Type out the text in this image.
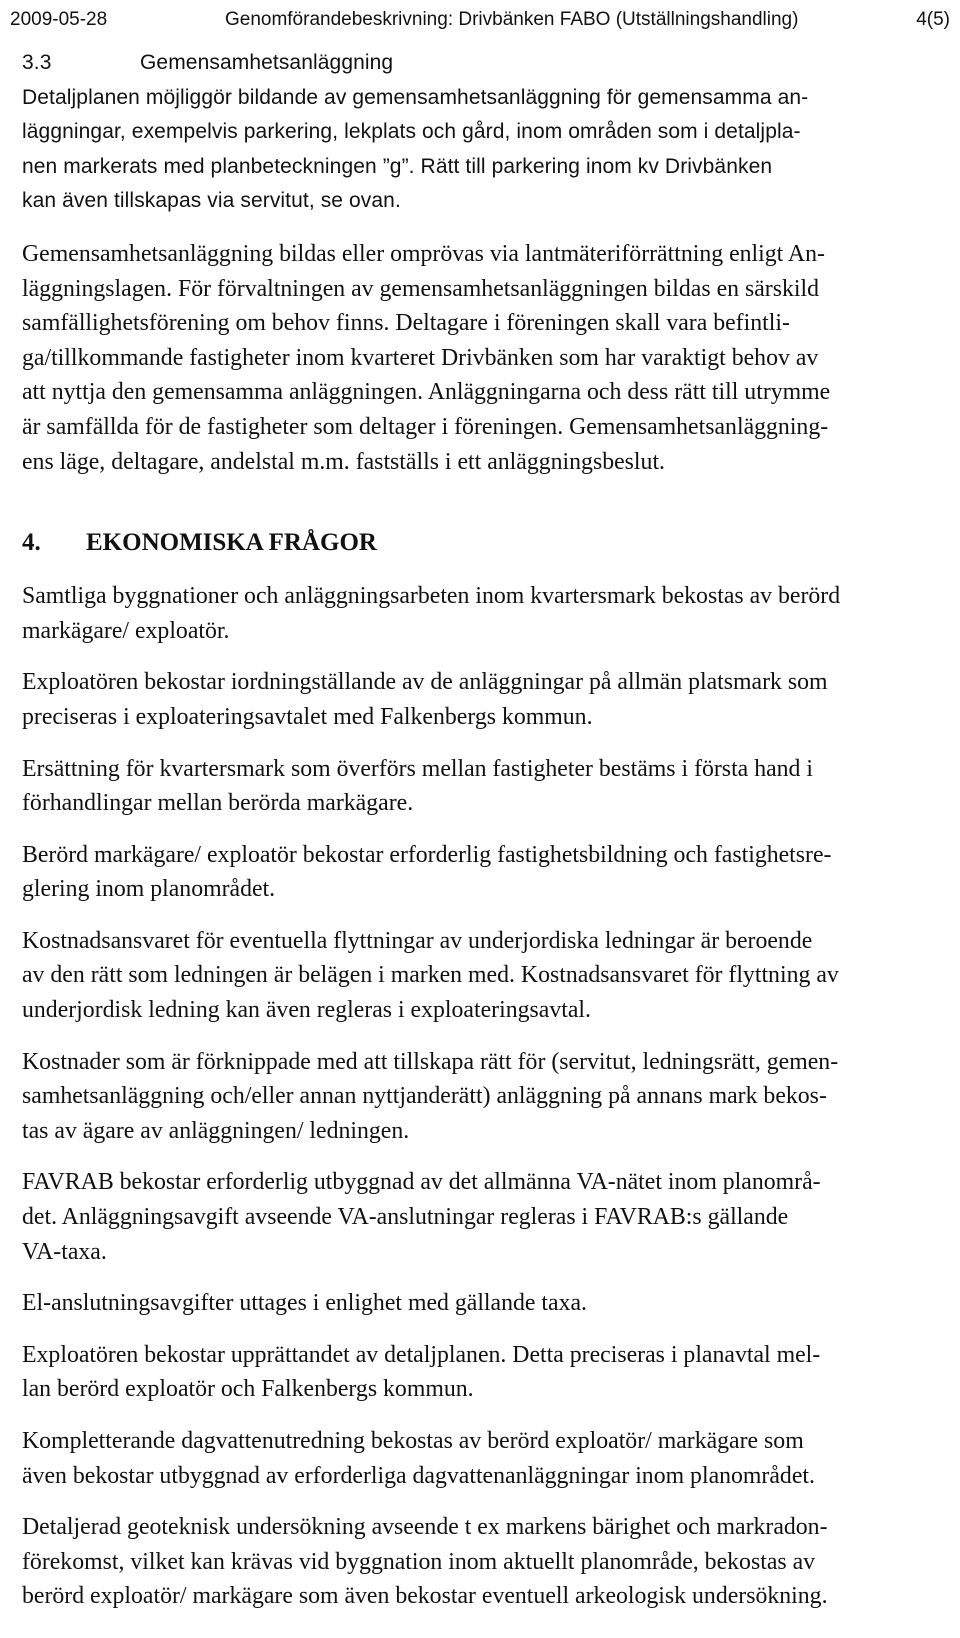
2009-05-28	Genomförandebeskrivning: Drivbänken FABO (Utställningshandling)	4(5)
3.3	Gemensamhetsanläggning

Detaljplanen möjliggör bildande av gemensamhetsanläggning för gemensamma an-
läggningar, exempelvis parkering, lekplats och gård, inom områden som i detaljpla-
nen markerats med planbeteckningen ”g”. Rätt till parkering inom kv Drivbänken
kan även tillskapas via servitut, se ovan.

Gemensamhetsanläggning bildas eller omprövas via lantmäteriförrättning enligt An-
läggningslagen. För förvaltningen av gemensamhetsanläggningen bildas en särskild
samfällighetsförening om behov finns. Deltagare i föreningen skall vara befintli-
ga/tillkommande fastigheter inom kvarteret Drivbänken som har varaktigt behov av
att nyttja den gemensamma anläggningen. Anläggningarna och dess rätt till utrymme
är samfällda för de fastigheter som deltager i föreningen. Gemensamhetsanläggning-
ens läge, deltagare, andelstal m.m. fastställs i ett anläggningsbeslut.

4.	EKONOMISKA FRÅGOR

Samtliga byggnationer och anläggningsarbeten inom kvartersmark bekostas av berörd
markägare/ exploatör.

Exploatören bekostar iordningställande av de anläggningar på allmän platsmark som
preciseras i exploateringsavtalet med Falkenbergs kommun.

Ersättning för kvartersmark som överförs mellan fastigheter bestäms i första hand i
förhandlingar mellan berörda markägare.

Berörd markägare/ exploatör bekostar erforderlig fastighetsbildning och fastighetsre-
glering inom planområdet.

Kostnadsansvaret för eventuella flyttningar av underjordiska ledningar är beroende
av den rätt som ledningen är belägen i marken med. Kostnadsansvaret för flyttning av
underjordisk ledning kan även regleras i exploateringsavtal.

Kostnader som är förknippade med att tillskapa rätt för (servitut, ledningsrätt, gemen-
samhetsanläggning och/eller annan nyttjanderätt) anläggning på annans mark bekos-
tas av ägare av anläggningen/ ledningen.

FAVRAB bekostar erforderlig utbyggnad av det allmänna VA-nätet inom planområ-
det. Anläggningsavgift avseende VA-anslutningar regleras i FAVRAB:s gällande
VA-taxa.

El-anslutningsavgifter uttages i enlighet med gällande taxa.

Exploatören bekostar upprättandet av detaljplanen. Detta preciseras i planavtal mel-
lan berörd exploatör och Falkenbergs kommun.

Kompletterande dagvattenutredning bekostas av berörd exploatör/ markägare som
även bekostar utbyggnad av erforderliga dagvattenanläggningar inom planområdet.

Detaljerad geoteknisk undersökning avseende t ex markens bärighet och markradon-
förekomst, vilket kan krävas vid byggnation inom aktuellt planområde, bekostas av
berörd exploatör/ markägare som även bekostar eventuell arkeologisk undersökning.
